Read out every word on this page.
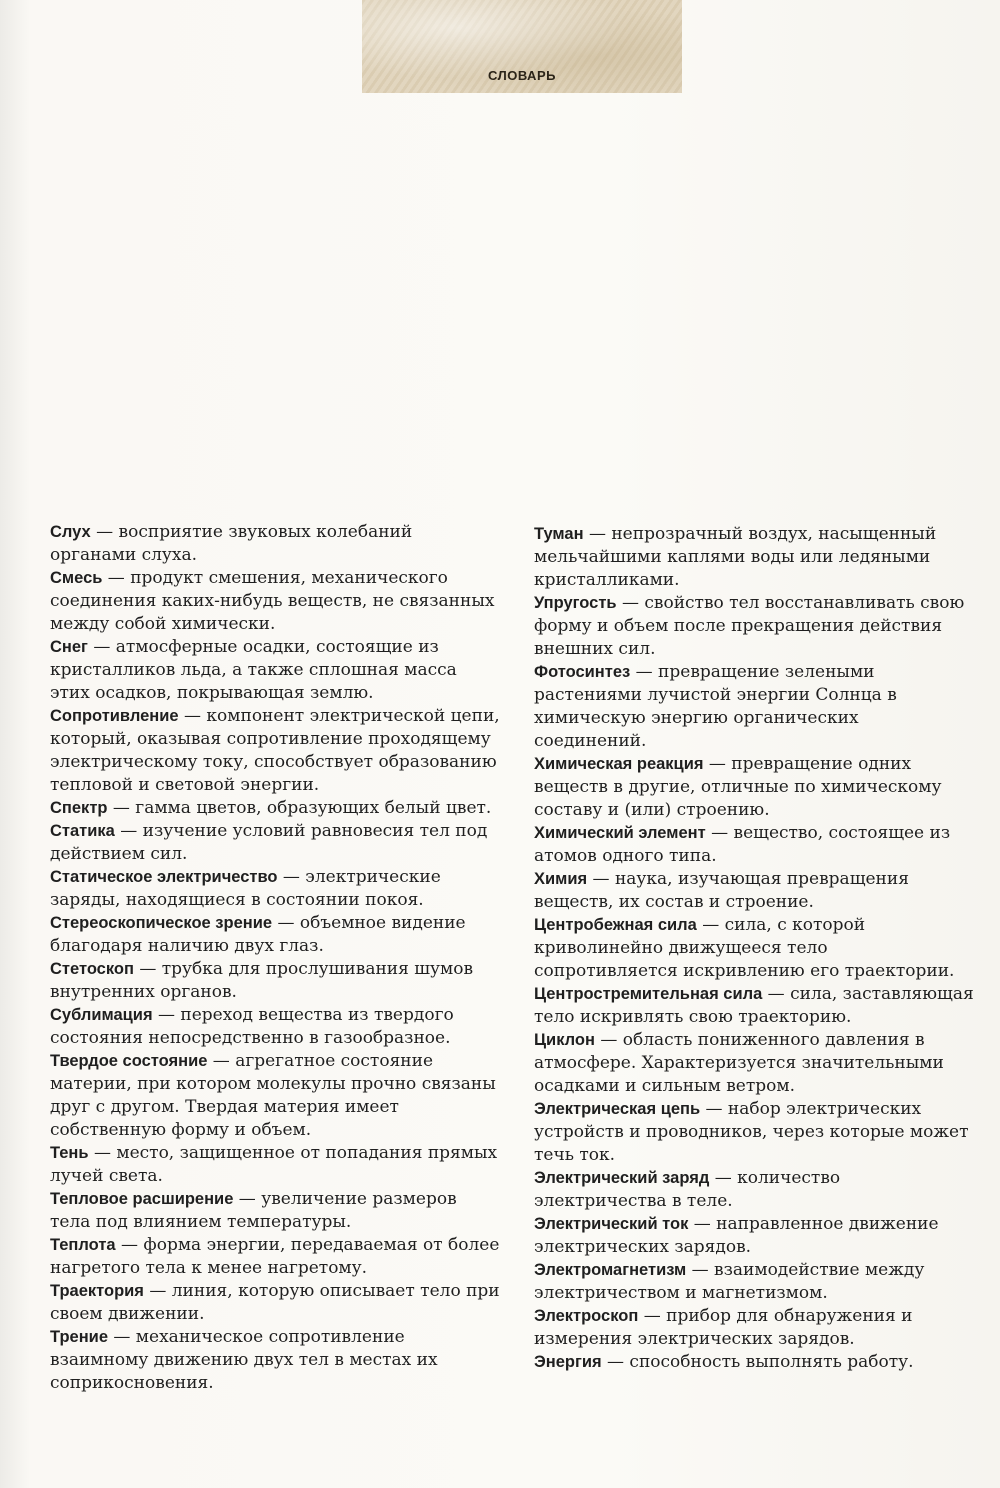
СЛОВАРЬ

Слух — восприятие звуковых колебаний органами слуха.

Смесь — продукт смешения, механического соединения каких-нибудь веществ, не связанных между собой химически.

Снег — атмосферные осадки, состоящие из кристалликов льда, а также сплошная масса этих осадков, покрывающая землю.

Сопротивление — компонент электрической цепи, который, оказывая сопротивление проходящему электрическому току, способствует образованию тепловой и световой энергии.

Спектр — гамма цветов, образующих белый цвет.

Статика — изучение условий равновесия тел под действием сил.

Статическое электричество — электрические заряды, находящиеся в состоянии покоя.

Стереоскопическое зрение — объемное видение благодаря наличию двух глаз.

Стетоскоп — трубка для прослушивания шумов внутренних органов.

Сублимация — переход вещества из твердого состояния непосредственно в газообразное.

Твердое состояние — агрегатное состояние материи, при котором молекулы прочно связаны друг с другом. Твердая материя имеет собственную форму и объем.

Тень — место, защищенное от попадания прямых лучей света.

Тепловое расширение — увеличение размеров тела под влиянием температуры.

Теплота — форма энергии, передаваемая от более нагретого тела к менее нагретому.

Траектория — линия, которую описывает тело при своем движении.

Трение — механическое сопротивление взаимному движению двух тел в местах их соприкосновения.

Туман — непрозрачный воздух, насыщенный мельчайшими каплями воды или ледяными кристалликами.

Упругость — свойство тел восстанавливать свою форму и объем после прекращения действия внешних сил.

Фотосинтез — превращение зелеными растениями лучистой энергии Солнца в химическую энергию органических соединений.

Химическая реакция — превращение одних веществ в другие, отличные по химическому составу и (или) строению.

Химический элемент — вещество, состоящее из атомов одного типа.

Химия — наука, изучающая превращения веществ, их состав и строение.

Центробежная сила — сила, с которой криволинейно движущееся тело сопротивляется искривлению его траектории.

Центростремительная сила — сила, заставляющая тело искривлять свою траекторию.

Циклон — область пониженного давления в атмосфере. Характеризуется значительными осадками и сильным ветром.

Электрическая цепь — набор электрических устройств и проводников, через которые может течь ток.

Электрический заряд — количество электричества в теле.

Электрический ток — направленное движение электрических зарядов.

Электромагнетизм — взаимодействие между электричеством и магнетизмом.

Электроскоп — прибор для обнаружения и измерения электрических зарядов.

Энергия — способность выполнять работу.
